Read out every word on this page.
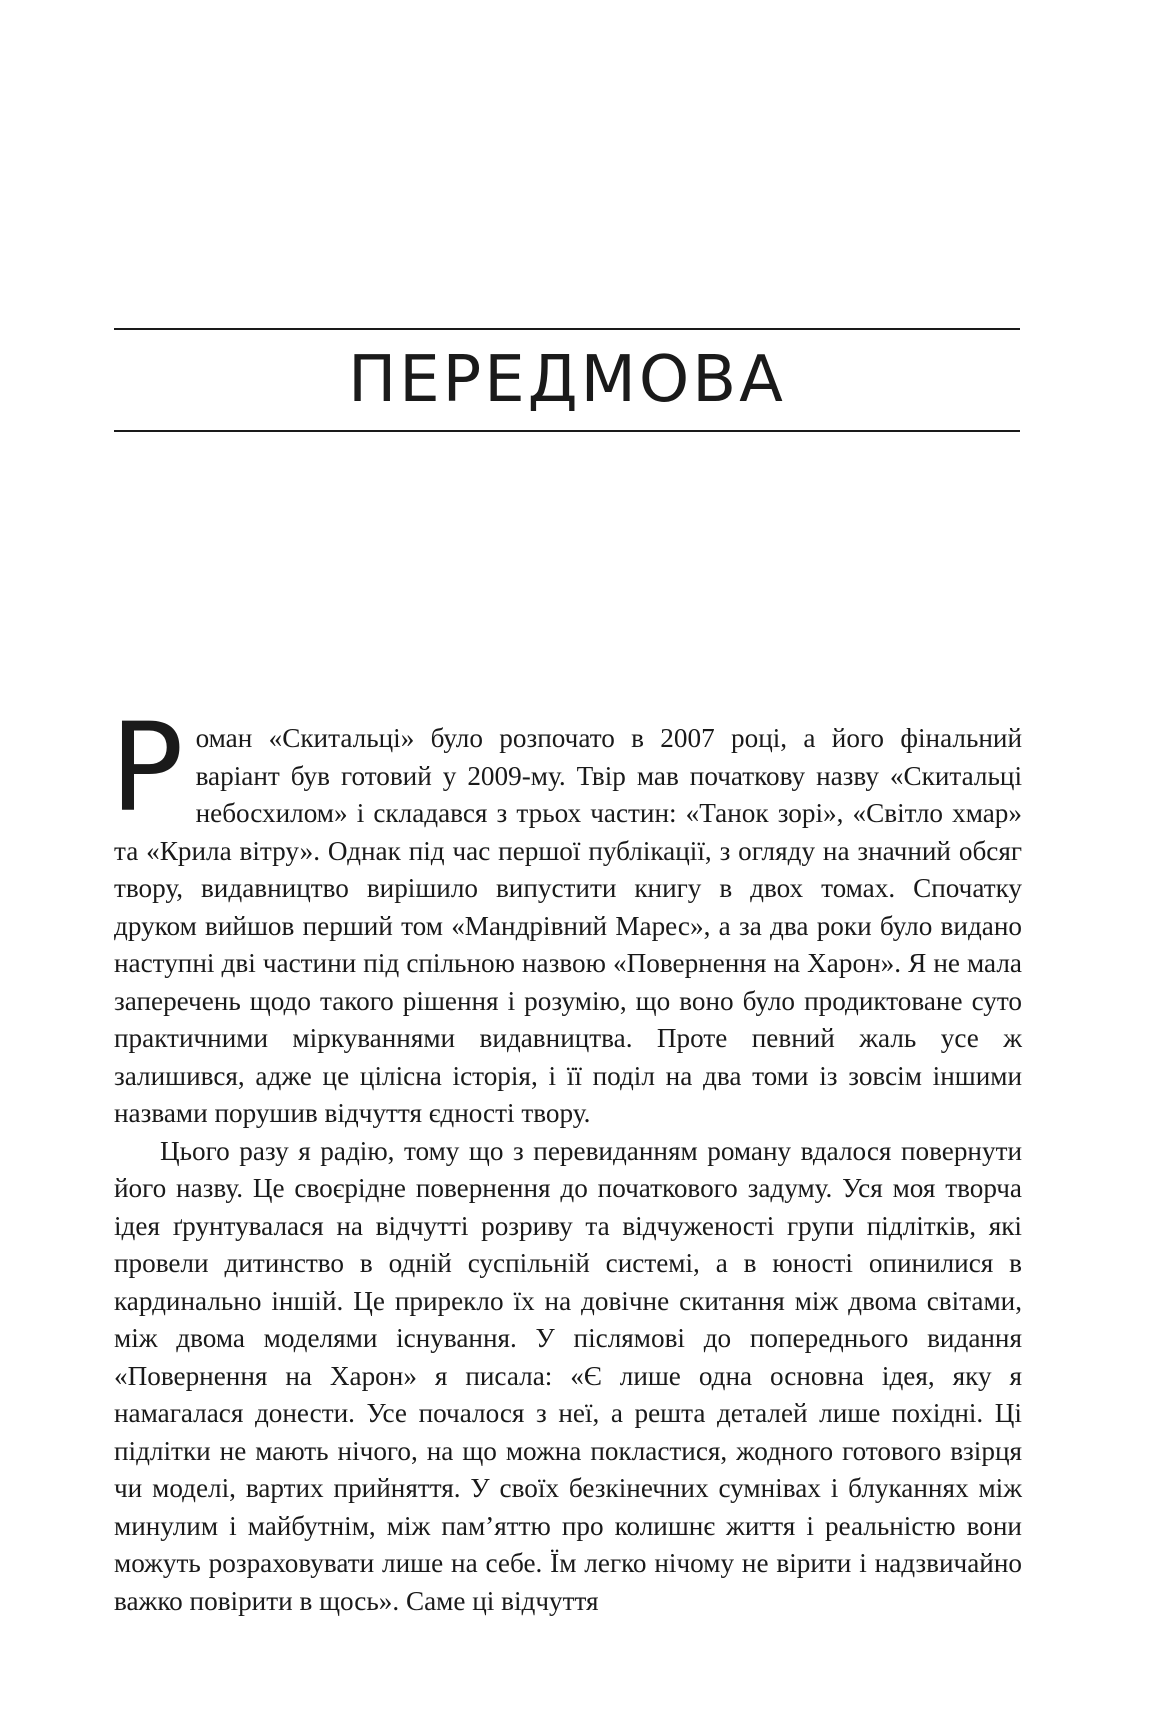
ПЕРЕДМОВА

Роман «Скитальці» було розпочато в 2007 році, а його фінальний варіант був готовий у 2009-му. Твір мав початкову назву «Скитальці небосхилом» і складався з трьох частин: «Танок зорі», «Світло хмар» та «Крила вітру». Однак під час першої публікації, з огляду на значний обсяг твору, видавництво вирішило випустити книгу в двох томах. Спочатку друком вийшов перший том «Мандрівний Марес», а за два роки було видано наступні дві частини під спільною назвою «Повернення на Харон». Я не мала заперечень щодо такого рішення і розумію, що воно було продиктоване суто практичними міркуваннями видавництва. Проте певний жаль усе ж залишився, адже це цілісна історія, і її поділ на два томи із зовсім іншими назвами порушив відчуття єдності твору.

Цього разу я радію, тому що з перевиданням роману вдалося повернути його назву. Це своєрідне повернення до початкового задуму. Уся моя творча ідея ґрунтувалася на відчутті розриву та відчуженості групи підлітків, які провели дитинство в одній суспільній системі, а в юності опинилися в кардинально іншій. Це прирекло їх на довічне скитання між двома світами, між двома моделями існування. У післямові до попереднього видання «Повернення на Харон» я писала: «Є лише одна основна ідея, яку я намагалася донести. Усе почалося з неї, а решта деталей лише похідні. Ці підлітки не мають нічого, на що можна покластися, жодного готового взірця чи моделі, вартих прийняття. У своїх безкінечних сумнівах і блуканнях між минулим і майбутнім, між пам’яттю про колишнє життя і реальністю вони можуть розраховувати лише на себе. Їм легко нічому не вірити і надзвичайно важко повірити в щось». Саме ці відчуття
